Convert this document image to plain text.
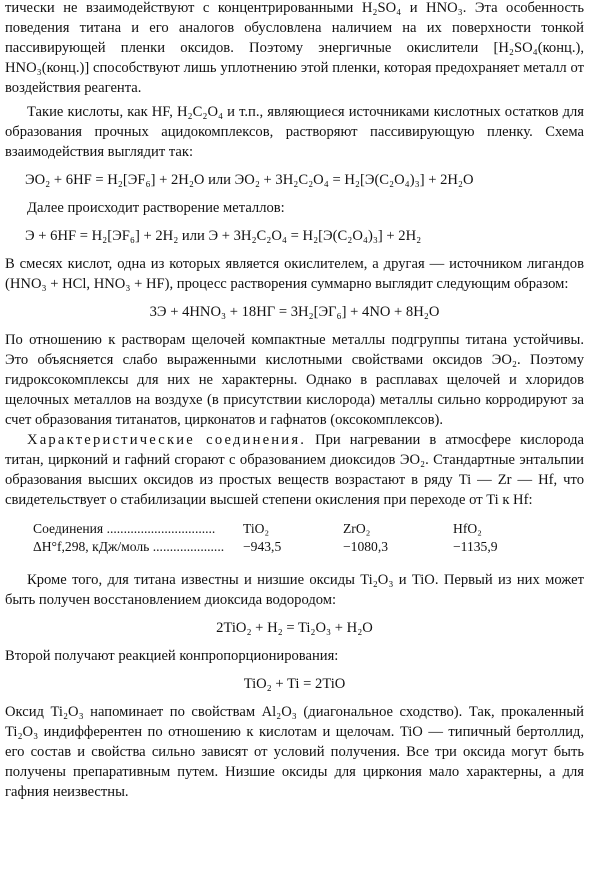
тически не взаимодействуют с концентрированными H₂SO₄ и HNO₃. Эта особенность поведения титана и его аналогов обусловлена наличием на их поверхности тонкой пассивирующей пленки оксидов. Поэтому энергичные окислители [H₂SO₄(конц.), HNO₃(конц.)] способствуют лишь уплотнению этой пленки, которая предохраняет металл от воздействия реагента.

Такие кислоты, как HF, H₂C₂O₄ и т.п., являющиеся источниками кислотных остатков для образования прочных ацидокомплексов, растворяют пассивирующую пленку. Схема взаимодействия выглядит так:

ЭO₂ + 6HF = H₂[ЭF₆] + 2H₂O или ЭO₂ + 3H₂C₂O₄ = H₂[Э(C₂O₄)₃] + 2H₂O

Далее происходит растворение металлов:

Э + 6HF = H₂[ЭF₆] + 2H₂ или Э + 3H₂C₂O₄ = H₂[Э(C₂O₄)₃] + 2H₂

В смесях кислот, одна из которых является окислителем, а другая — источником лигандов (HNO₃ + HCl, HNO₃ + HF), процесс растворения суммарно выглядит следующим образом:

3Э + 4HNO₃ + 18HГ = 3H₂[ЭГ₆] + 4NO + 8H₂O

По отношению к растворам щелочей компактные металлы подгруппы титана устойчивы. Это объясняется слабо выраженными кислотными свойствами оксидов ЭO₂. Поэтому гидроксокомплексы для них не характерны. Однако в расплавах щелочей и хлоридов щелочных металлов на воздухе (в присутствии кислорода) металлы сильно корродируют за счет образования титанатов, цирконатов и гафнатов (оксокомплексов).

Характеристические соединения. При нагревании в атмосфере кислорода титан, цирконий и гафний сгорают с образованием диоксидов ЭO₂. Стандартные энтальпии образования высших оксидов из простых веществ возрастают в ряду Ti — Zr — Hf, что свидетельствует о стабилизации высшей степени окисления при переходе от Ti к Hf:

Соединения ................................	TiO₂	ZrO₂	HfO₂
ΔH°f,298, кДж/моль .....................	−943,5	−1080,3	−1135,9

Кроме того, для титана известны и низшие оксиды Ti₂O₃ и TiO. Первый из них может быть получен восстановлением диоксида водородом:

2TiO₂ + H₂ = Ti₂O₃ + H₂O

Второй получают реакцией конпропорционирования:

TiO₂ + Ti = 2TiO

Оксид Ti₂O₃ напоминает по свойствам Al₂O₃ (диагональное сходство). Так, прокаленный Ti₂O₃ индифферентен по отношению к кислотам и щелочам. TiO — типичный бертоллид, его состав и свойства сильно зависят от условий получения. Все три оксида могут быть получены препаративным путем. Низшие оксиды для циркония мало характерны, а для гафния неизвестны.
